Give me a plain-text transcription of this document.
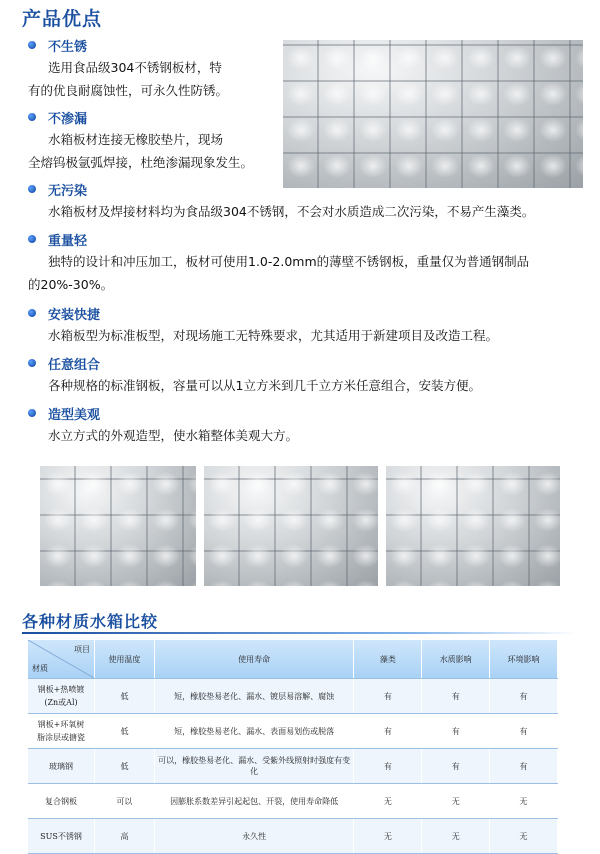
产品优点
不生锈
选用食品级304不锈钢板材，特
有的优良耐腐蚀性，可永久性防锈。
不渗漏
水箱板材连接无橡胶垫片，现场
全熔钨极氩弧焊接，杜绝渗漏现象发生。
无污染
水箱板材及焊接材料均为食品级304不锈钢，不会对水质造成二次污染，不易产生藻类。
重量轻
独特的设计和冲压加工，板材可使用1.0-2.0mm的薄壁不锈钢板，重量仅为普通钢制品
的20%-30%。
安装快捷
水箱板型为标准板型，对现场施工无特殊要求，尤其适用于新建项目及改造工程。
任意组合
各种规格的标准钢板，容量可以从1立方米到几千立方米任意组合，安装方便。
造型美观
水立方式的外观造型，使水箱整体美观大方。
各种材质水箱比较
项目
材质	使用温度	使用寿命	藻类	水质影响	环境影响
钢板+热喷镀
(Zn或Al)	低	短，橡胶垫易老化、漏水、镀层易溶解、腐蚀	有	有	有
钢板+环氧树
脂涂层或搪瓷	低	短，橡胶垫易老化、漏水、表面易划伤或脱落	有	有	有
玻璃钢	低	可以，橡胶垫易老化、漏水、受紫外线照射时强度有变化	有	有	有
复合钢板	可以	因膨胀系数差异引起起包、开裂，使用寿命降低	无	无	无
SUS不锈钢	高	永久性	无	无	无
